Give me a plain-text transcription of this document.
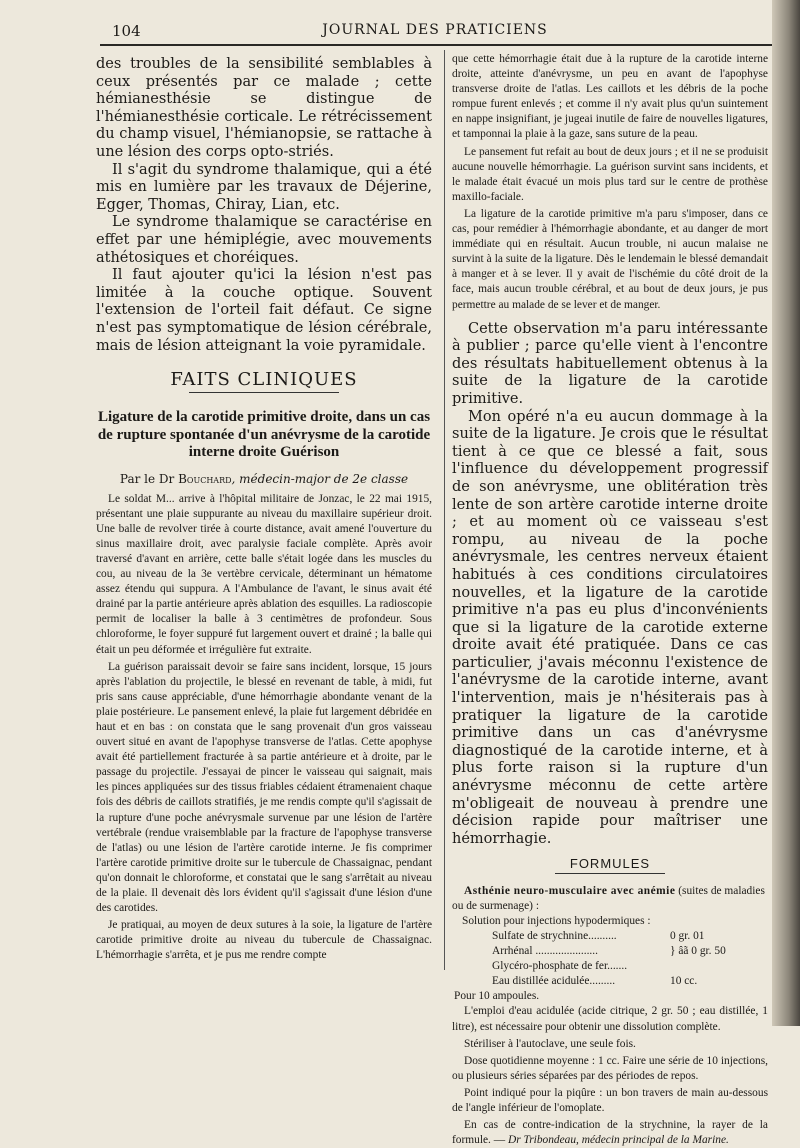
104	JOURNAL DES PRATICIENS

des troubles de la sensibilité semblables à ceux présentés par ce malade ; cette hémianesthésie se distingue de l'hémianesthésie corticale. Le rétrécissement du champ visuel, l'hémianopsie, se rattache à une lésion des corps opto-striés.

Il s'agit du syndrome thalamique, qui a été mis en lumière par les travaux de Déjerine, Egger, Thomas, Chiray, Lian, etc.

Le syndrome thalamique se caractérise en effet par une hémiplégie, avec mouvements athétosiques et choréiques.

Il faut ajouter qu'ici la lésion n'est pas limitée à la couche optique. Souvent l'extension de l'orteil fait défaut. Ce signe n'est pas symptomatique de lésion cérébrale, mais de lésion atteignant la voie pyramidale.

FAITS CLINIQUES

Ligature de la carotide primitive droite, dans un cas de rupture spontanée d'un anévrysme de la carotide interne droite Guérison

Par le Dr Bouchard, médecin-major de 2e classe

Le soldat M... arrive à l'hôpital militaire de Jonzac, le 22 mai 1915, présentant une plaie suppurante au niveau du maxillaire supérieur droit. Une balle de revolver tirée à courte distance, avait amené l'ouverture du sinus maxillaire droit, avec paralysie faciale complète. Après avoir traversé d'avant en arrière, cette balle s'était logée dans les muscles du cou, au niveau de la 3e vertèbre cervicale, déterminant un hématome assez étendu qui suppura. A l'Ambulance de l'avant, le sinus avait été drainé par la partie antérieure après ablation des esquilles. La radioscopie permit de localiser la balle à 3 centimètres de profondeur. Sous chloroforme, le foyer suppuré fut largement ouvert et drainé ; la balle qui était un peu déformée et irrégulière fut extraite.

La guérison paraissait devoir se faire sans incident, lorsque, 15 jours après l'ablation du projectile, le blessé en revenant de table, à midi, fut pris sans cause appréciable, d'une hémorrhagie abondante venant de la plaie postérieure. Le pansement enlevé, la plaie fut largement débridée en haut et en bas : on constata que le sang provenait d'un gros vaisseau ouvert situé en avant de l'apophyse transverse de l'atlas. Cette apophyse avait été partiellement fracturée à sa partie antérieure et à droite, par le passage du projectile. J'essayai de pincer le vaisseau qui saignait, mais les pinces appliquées sur des tissus friables cédaient étramenaient chaque fois des débris de caillots stratifiés, je me rendis compte qu'il s'agissait de la rupture d'une poche anévrysmale survenue par une lésion de l'artère vertébrale (rendue vraisemblable par la fracture de l'apophyse transverse de l'atlas) ou une lésion de l'artère carotide interne. Je fis comprimer l'artère carotide primitive droite sur le tubercule de Chassaignac, pendant qu'on donnait le chloroforme, et constatai que le sang s'arrêtait au niveau de la plaie. Il devenait dès lors évident qu'il s'agissait d'une lésion d'une des carotides.

Je pratiquai, au moyen de deux sutures à la soie, la ligature de l'artère carotide primitive droite au niveau du tubercule de Chassaignac. L'hémorrhagie s'arrêta, et je pus me rendre compte

que cette hémorrhagie était due à la rupture de la carotide interne droite, atteinte d'anévrysme, un peu en avant de l'apophyse transverse droite de l'atlas. Les caillots et les débris de la poche rompue furent enlevés ; et comme il n'y avait plus qu'un suintement en nappe insignifiant, je jugeai inutile de faire de nouvelles ligatures, et tamponnai la plaie à la gaze, sans suture de la peau.

Le pansement fut refait au bout de deux jours ; et il ne se produisit aucune nouvelle hémorrhagie. La guérison survint sans incidents, et le malade était évacué un mois plus tard sur le centre de prothèse maxillo-faciale.

La ligature de la carotide primitive m'a paru s'imposer, dans ce cas, pour remédier à l'hémorrhagie abondante, et au danger de mort immédiate qui en résultait. Aucun trouble, ni aucun malaise ne survint à la suite de la ligature. Dès le lendemain le blessé demandait à manger et à se lever. Il y avait de l'ischémie du côté droit de la face, mais aucun trouble cérébral, et au bout de deux jours, je pus permettre au malade de se lever et de manger.

Cette observation m'a paru intéressante à publier ; parce qu'elle vient à l'encontre des résultats habituellement obtenus à la suite de la ligature de la carotide primitive.

Mon opéré n'a eu aucun dommage à la suite de la ligature. Je crois que le résultat tient à ce que ce blessé a fait, sous l'influence du développement progressif de son anévrysme, une oblitération très lente de son artère carotide interne droite ; et au moment où ce vaisseau s'est rompu, au niveau de la poche anévrysmale, les centres nerveux étaient habitués à ces conditions circulatoires nouvelles, et la ligature de la carotide primitive n'a pas eu plus d'inconvénients que si la ligature de la carotide externe droite avait été pratiquée. Dans ce cas particulier, j'avais méconnu l'existence de l'anévrysme de la carotide interne, avant l'intervention, mais je n'hésiterais pas à pratiquer la ligature de la carotide primitive dans un cas d'anévrysme diagnostiqué de la carotide interne, et à plus forte raison si la rupture d'un anévrysme méconnu de cette artère m'obligeait de nouveau à prendre une décision rapide pour maîtriser une hémorrhagie.

FORMULES

Asthénie neuro-musculaire avec anémie (suites de maladies ou de surmenage) :

Solution pour injections hypodermiques :

Sulfate de strychnine..........	0 gr. 01
Arrhénal ......................	} âã 0 gr. 50
Glycéro-phosphate de fer.......
Eau distillée acidulée.........	10 cc.

Pour 10 ampoules.

L'emploi d'eau acidulée (acide citrique, 2 gr. 50 ; eau distillée, 1 litre), est nécessaire pour obtenir une dissolution complète.

Stériliser à l'autoclave, une seule fois.

Dose quotidienne moyenne : 1 cc. Faire une série de 10 injections, ou plusieurs séries séparées par des périodes de repos.

Point indiqué pour la piqûre : un bon travers de main au-dessous de l'angle inférieur de l'omoplate.

En cas de contre-indication de la strychnine, la rayer de la formule. — Dr Tribondeau, médecin principal de la Marine.
